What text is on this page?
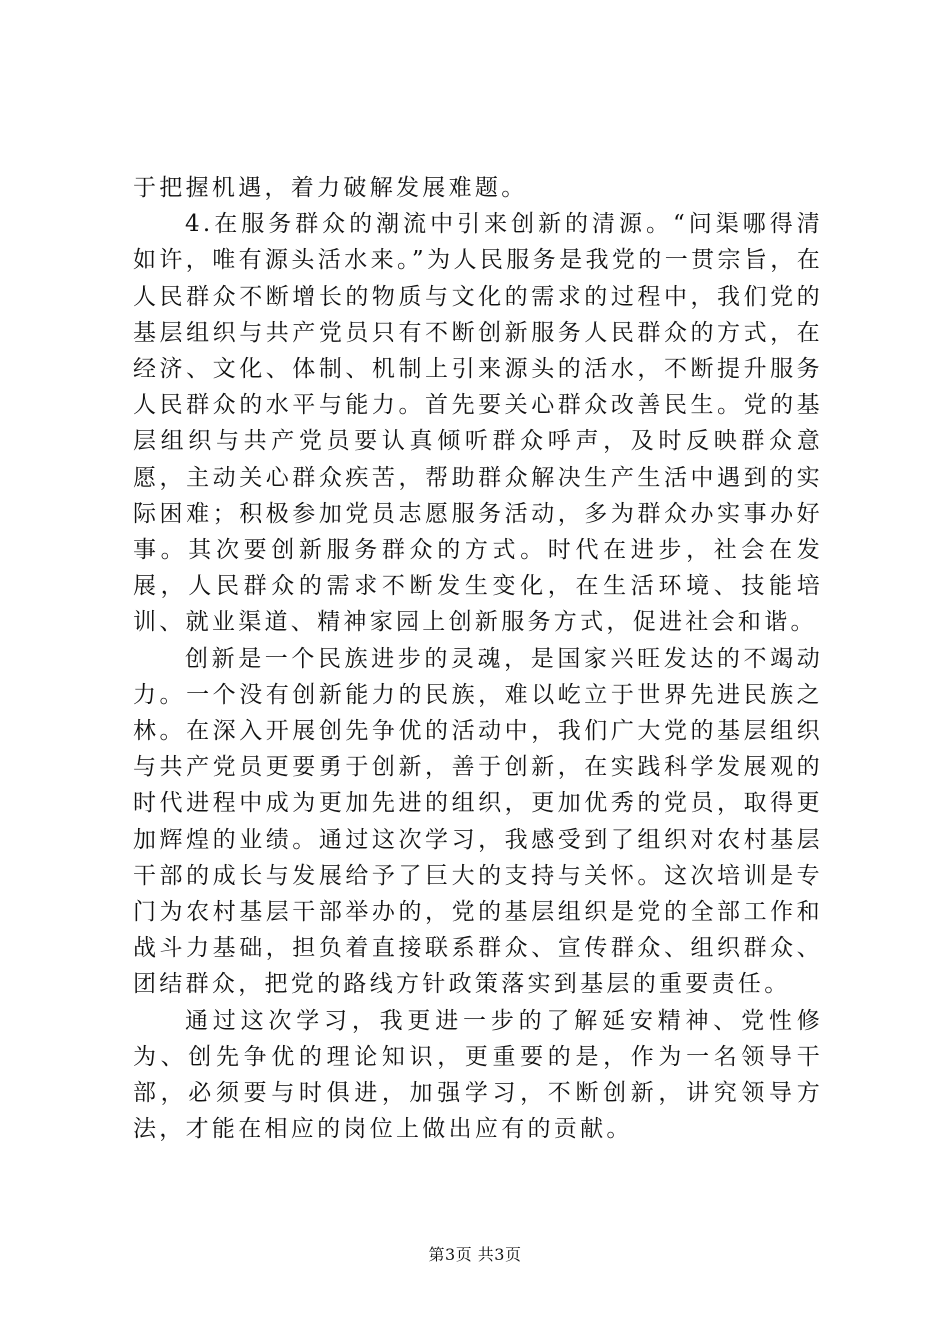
于把握机遇，着力破解发展难题。

4.在服务群众的潮流中引来创新的清源。“问渠哪得清如许，唯有源头活水来。”为人民服务是我党的一贯宗旨，在人民群众不断增长的物质与文化的需求的过程中，我们党的基层组织与共产党员只有不断创新服务人民群众的方式，在经济、文化、体制、机制上引来源头的活水，不断提升服务人民群众的水平与能力。首先要关心群众改善民生。党的基层组织与共产党员要认真倾听群众呼声，及时反映群众意愿，主动关心群众疾苦，帮助群众解决生产生活中遇到的实际困难；积极参加党员志愿服务活动，多为群众办实事办好事。其次要创新服务群众的方式。时代在进步，社会在发展，人民群众的需求不断发生变化，在生活环境、技能培训、就业渠道、精神家园上创新服务方式，促进社会和谐。

创新是一个民族进步的灵魂，是国家兴旺发达的不竭动力。一个没有创新能力的民族，难以屹立于世界先进民族之林。在深入开展创先争优的活动中，我们广大党的基层组织与共产党员更要勇于创新，善于创新，在实践科学发展观的时代进程中成为更加先进的组织，更加优秀的党员，取得更加辉煌的业绩。通过这次学习，我感受到了组织对农村基层干部的成长与发展给予了巨大的支持与关怀。这次培训是专门为农村基层干部举办的，党的基层组织是党的全部工作和战斗力基础，担负着直接联系群众、宣传群众、组织群众、团结群众，把党的路线方针政策落实到基层的重要责任。

通过这次学习，我更进一步的了解延安精神、党性修为、创先争优的理论知识，更重要的是，作为一名领导干部，必须要与时俱进，加强学习，不断创新，讲究领导方法，才能在相应的岗位上做出应有的贡献。

第3页 共3页
